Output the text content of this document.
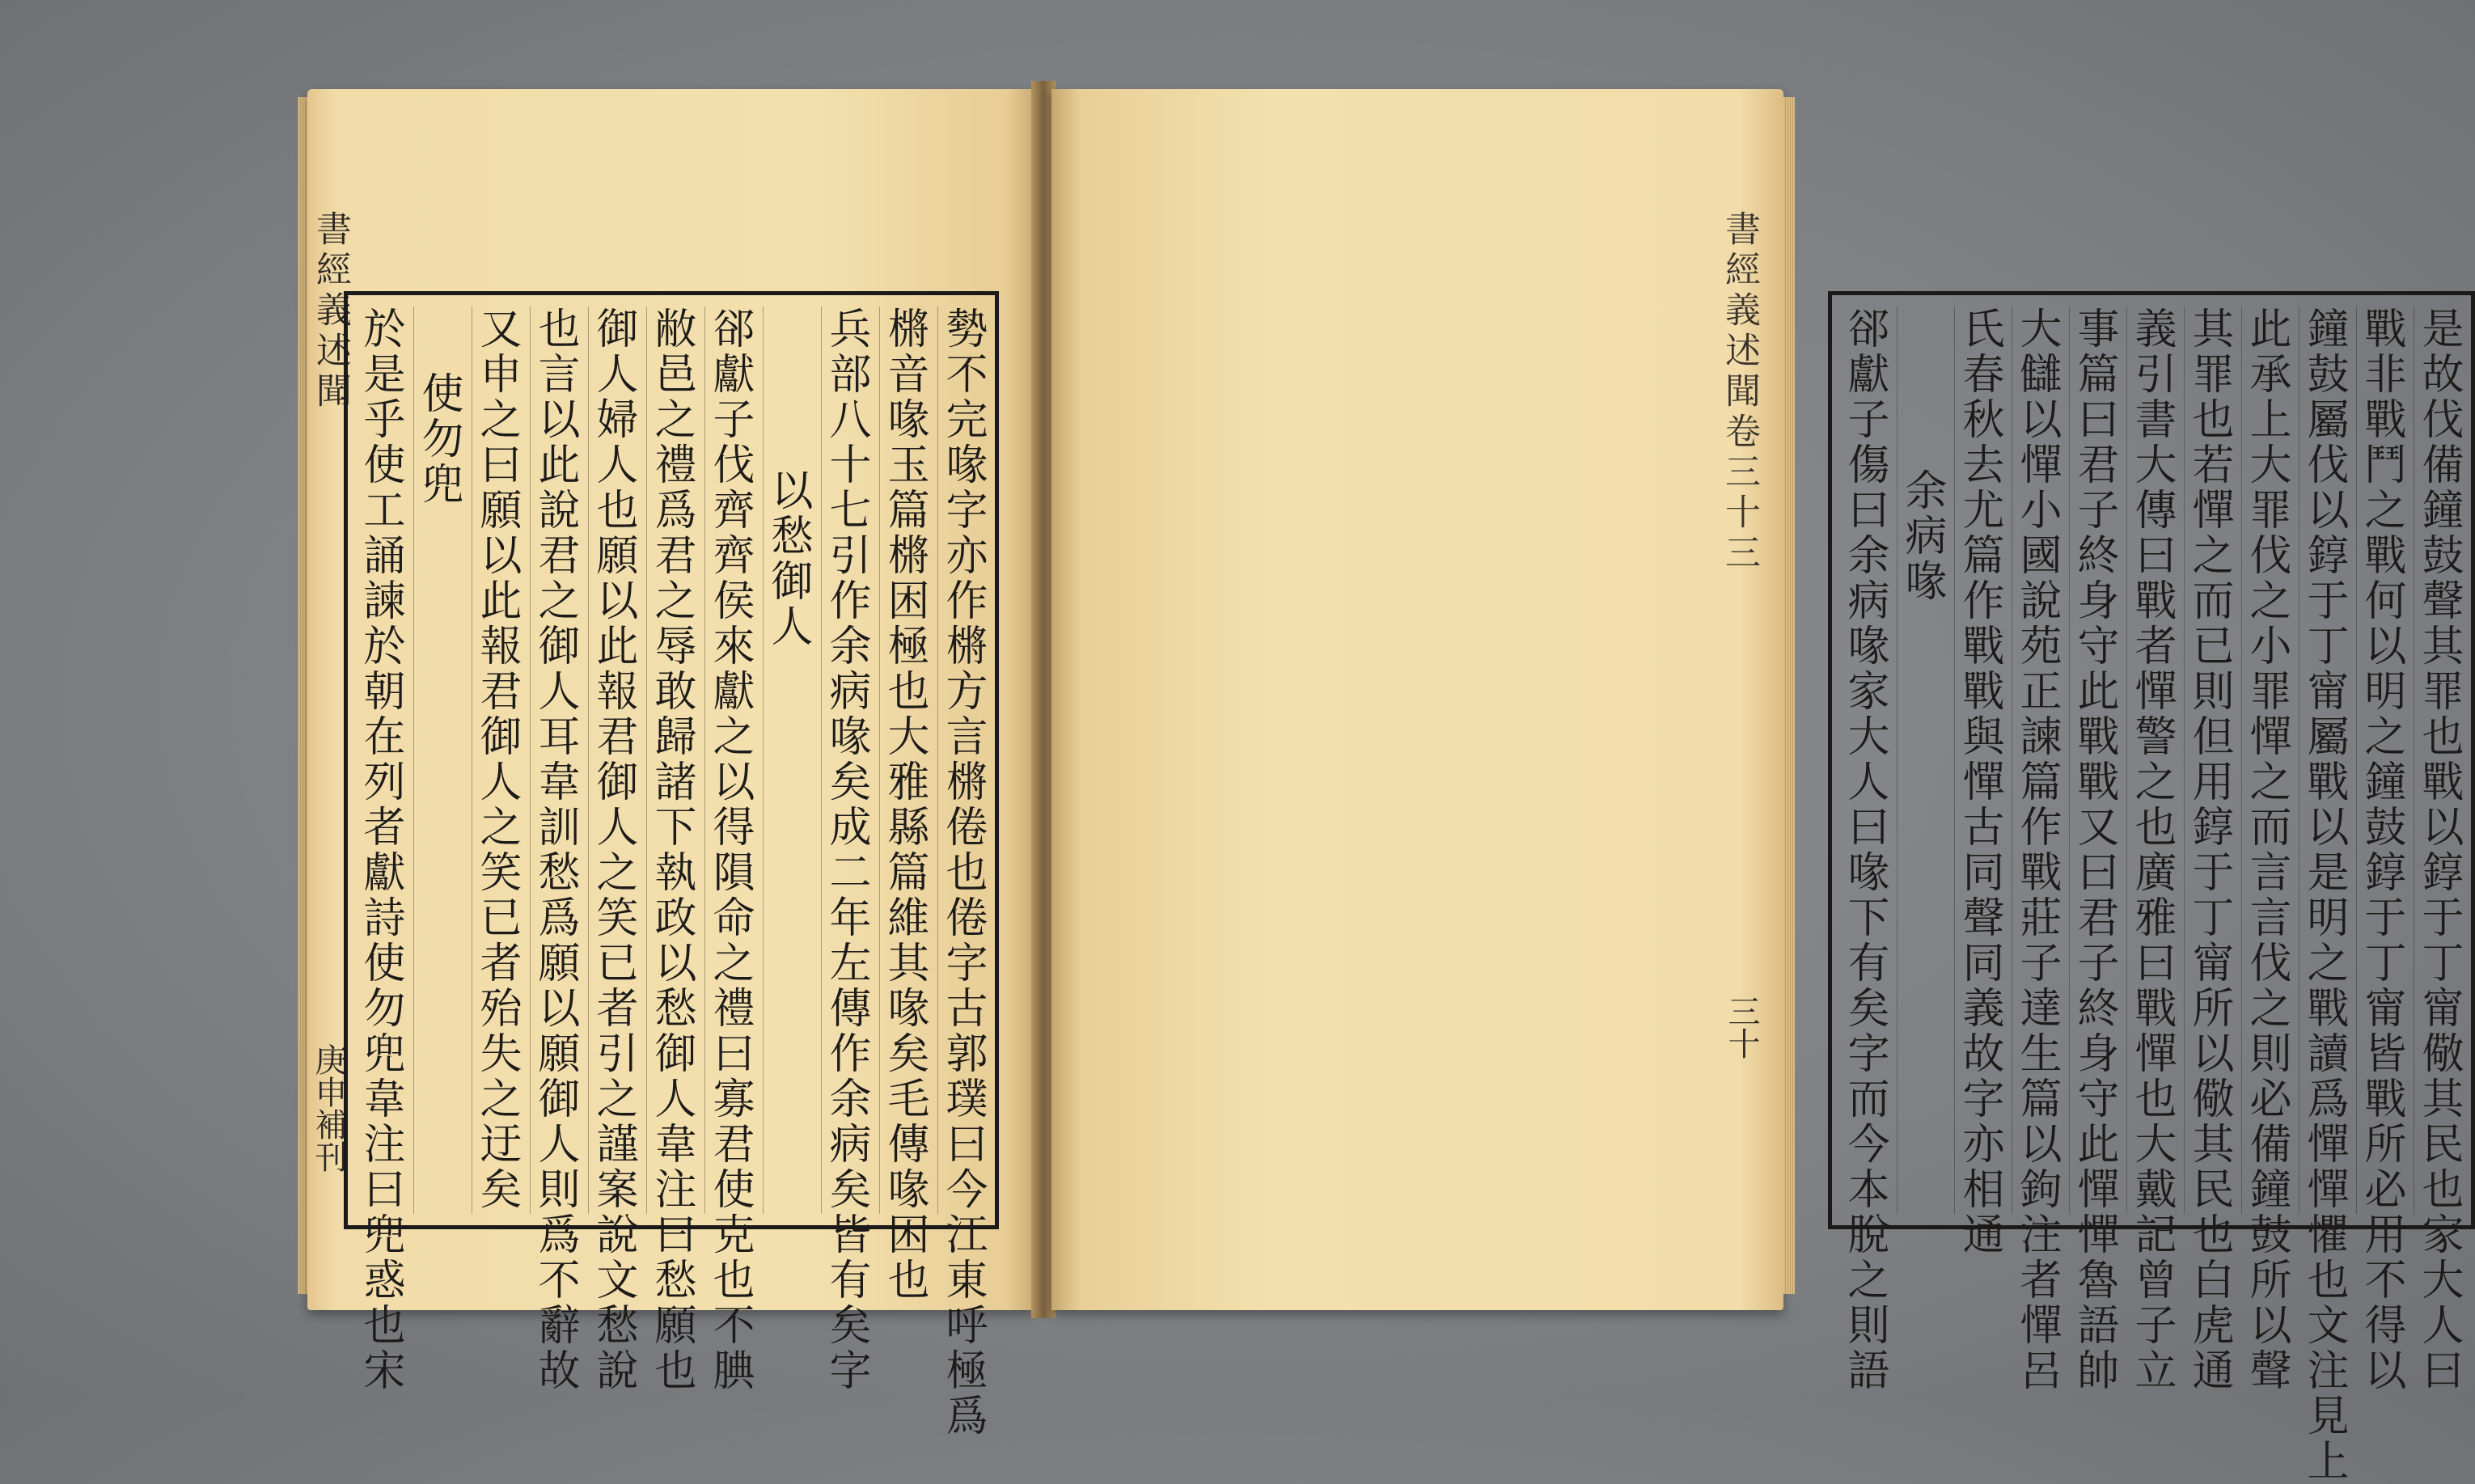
書經義述聞
庚申補刊	勢不完喙字亦作㯍方言㯍倦也倦字古郭璞曰今江東呼極爲
㯍音喙玉篇㯍困極也大雅縣篇維其喙矣毛傳喙困也
兵部八十七引作余病喙矣成二年左傳作余病矣皆有矣字
以愁御人
郤獻子伐齊齊侯來獻之以得隕命之禮曰寡君使克也不腆
敝邑之禮爲君之辱敢歸諸下執政以愁御人韋注曰愁願也
御人婦人也願以此報君御人之笑已者引之謹案說文愁說
也言以此說君之御人耳韋訓愁爲願以願御人則爲不辭故
又申之曰願以此報君御人之笑已者殆失之迂矣
使勿兜
於是乎使工誦諫於朝在列者獻詩使勿兜韋注曰兜惑也宋	是故伐備鐘鼓聲其罪也戰以錞于丁甯儆其民也家大人曰
戰非戰鬥之戰何以明之鐘鼓錞于丁甯皆戰所必用不得以
鐘鼓屬伐以錞于丁甯屬戰以是明之戰讀爲憚憚懼也文注見上
此承上大罪伐之小罪憚之而言言伐之則必備鐘鼓所以聲
其罪也若憚之而已則但用錞于丁甯所以儆其民也白虎通
義引書大傳曰戰者憚警之也廣雅曰戰憚也大戴記曾子立
事篇曰君子終身守此戰戰又曰君子終身守此憚憚魯語帥
大讎以憚小國說苑正諫篇作戰莊子達生篇以鉤注者憚呂
氏春秋去尤篇作戰戰與憚古同聲同義故字亦相通
余病喙
郤獻子傷曰余病喙家大人曰喙下有矣字而今本脫之則語
書經義述聞卷三十三
三十
